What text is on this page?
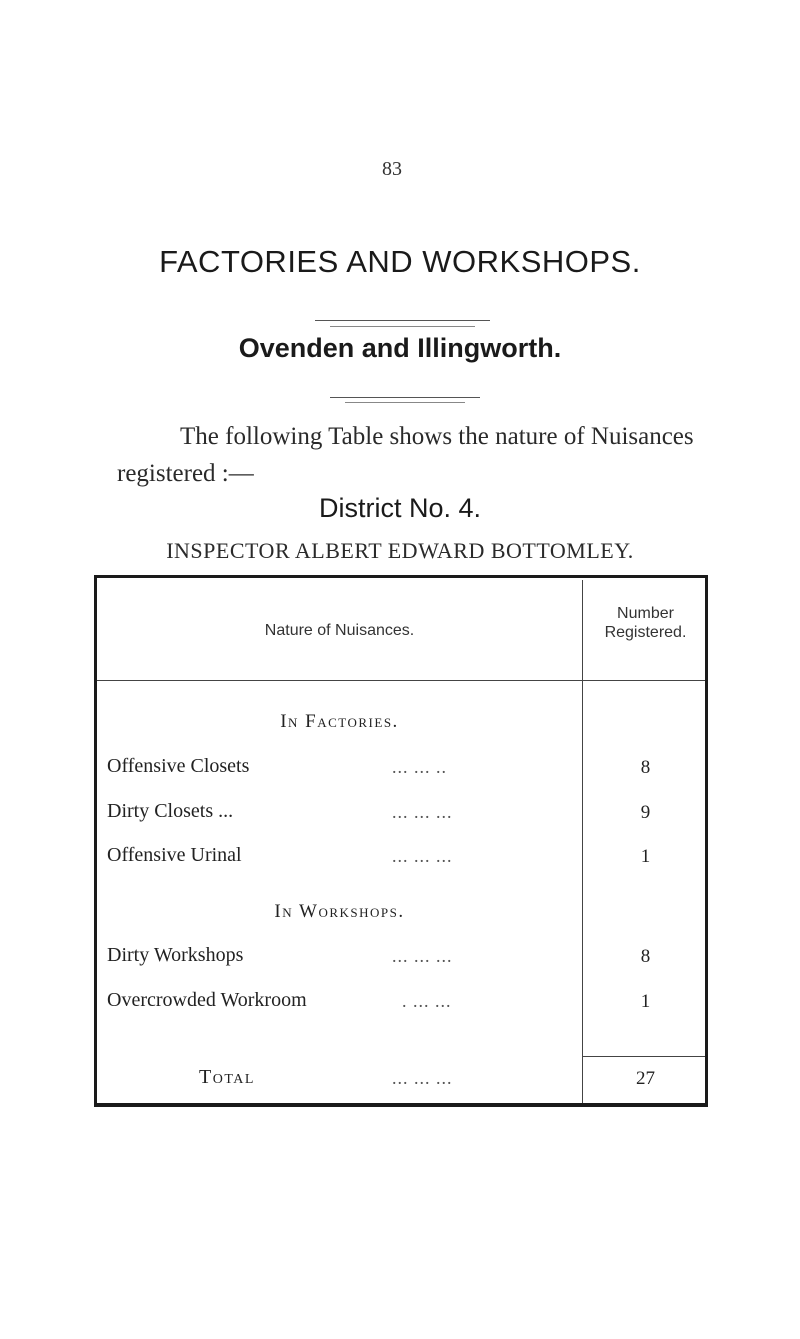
83
FACTORIES AND WORKSHOPS.
Ovenden and Illingworth.
The following Table shows the nature of Nuisances
registered :—
District No. 4.
INSPECTOR ALBERT EDWARD BOTTOMLEY.
Nature of Nuisances.
Number
Registered.
In Factories.
Offensive Closets	... ... ..	8
Dirty Closets ...	... ... ...	9
Offensive Urinal	... ... ...	1
In Workshops.
Dirty Workshops	... ... ...	8
Overcrowded Workroom	. ... ...	1
Total	... ... ...	27
